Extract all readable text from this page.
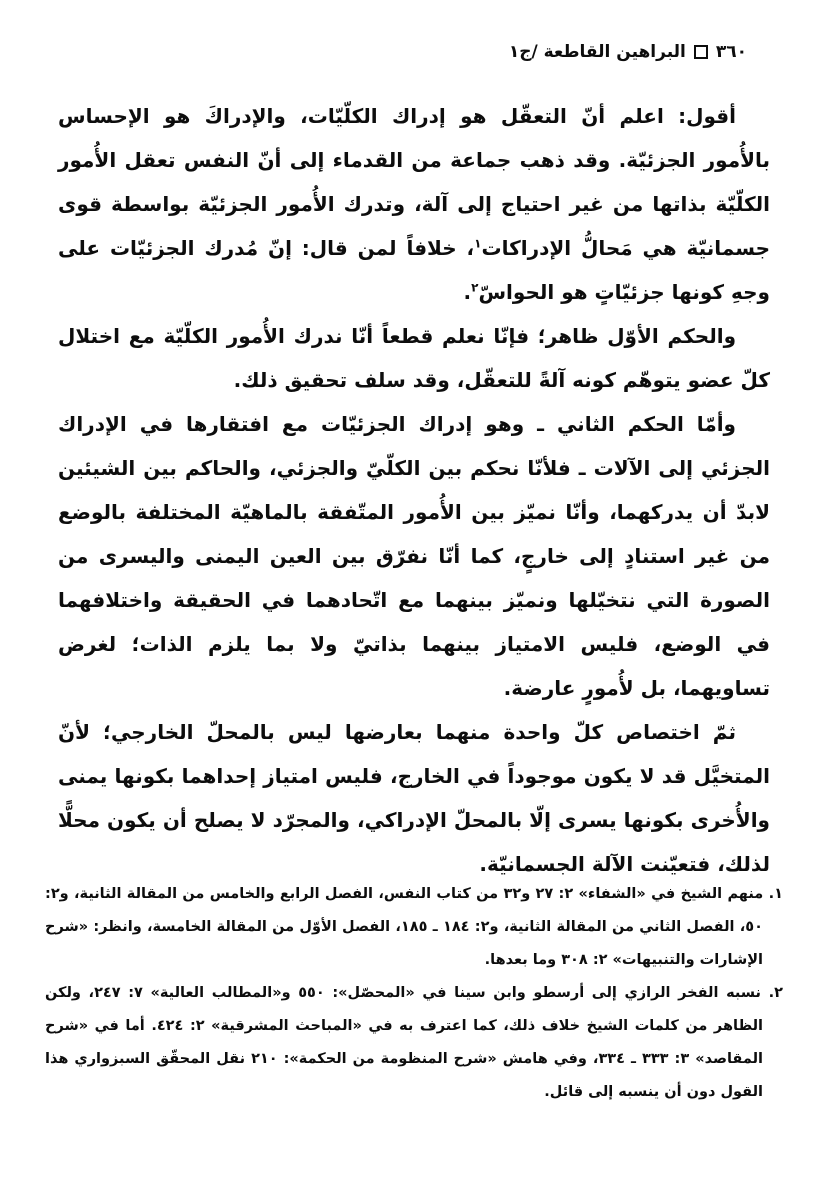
٣٦٠
البراهين القاطعة /ج١

أقول: اعلم أنّ التعقّل هو إدراك الكلّيّات، والإدراكَ هو الإحساس بالأُمور الجزئيّة. وقد ذهب جماعة من القدماء إلى أنّ النفس تعقل الأُمور الكلّيّة بذاتها من غير احتياج إلى آلة، وتدرك الأُمور الجزئيّة بواسطة قوى جسمانيّة هي مَحالُّ الإدراكات$^١$، خلافاً لمن قال: إنّ مُدرك الجزئيّات على وجهِ كونها جزئيّاتٍ هو الحواسّ$^٢$.

والحكم الأوّل ظاهر؛ فإنّا نعلم قطعاً أنّا ندرك الأُمور الكلّيّة مع اختلال كلّ عضو يتوهّم كونه آلةً للتعقّل، وقد سلف تحقيق ذلك.

وأمّا الحكم الثاني ـ وهو إدراك الجزئيّات مع افتقارها في الإدراك الجزئي إلى الآلات ـ فلأنّا نحكم بين الكلّيّ والجزئي، والحاكم بين الشيئين لابدّ أن يدركهما، وأنّا نميّز بين الأُمور المتّفقة بالماهيّة المختلفة بالوضع من غير استنادٍ إلى خارجٍ، كما أنّا نفرّق بين العين اليمنى واليسرى من الصورة التي نتخيّلها ونميّز بينهما مع اتّحادهما في الحقيقة واختلافهما في الوضع، فليس الامتياز بينهما بذاتيّ ولا بما يلزم الذات؛ لغرض تساويهما، بل لأُمورٍ عارضة.

ثمّ اختصاص كلّ واحدة منهما بعارضها ليس بالمحلّ الخارجي؛ لأنّ المتخيَّل قد لا يكون موجوداً في الخارج، فليس امتياز إحداهما بكونها يمنى والأُخرى بكونها يسرى إلّا بالمحلّ الإدراكي، والمجرّد لا يصلح أن يكون محلًّا لذلك، فتعيّنت الآلة الجسمانيّة.

١. منهم الشيخ في «الشفاء» ٢: ٢٧ و٣٢ من كتاب النفس، الفصل الرابع والخامس من المقالة الثانية، و٢: ٥٠، الفصل الثاني من المقالة الثانية، و٢: ١٨٤ ـ ١٨٥، الفصل الأوّل من المقالة الخامسة، وانظر: «شرح الإشارات والتنبيهات» ٢: ٣٠٨ وما بعدها.

٢. نسبه الفخر الرازي إلى أرسطو وابن سينا في «المحصّل»: ٥٥٠ و«المطالب العالية» ٧: ٢٤٧، ولكن الظاهر من كلمات الشيخ خلاف ذلك، كما اعترف به في «المباحث المشرقية» ٢: ٤٢٤. أما في «شرح المقاصد» ٣: ٣٣٣ ـ ٣٣٤، وفي هامش «شرح المنظومة من الحكمة»: ٢١٠ نقل المحقّق السبزواري هذا القول دون أن ينسبه إلى قائل.
